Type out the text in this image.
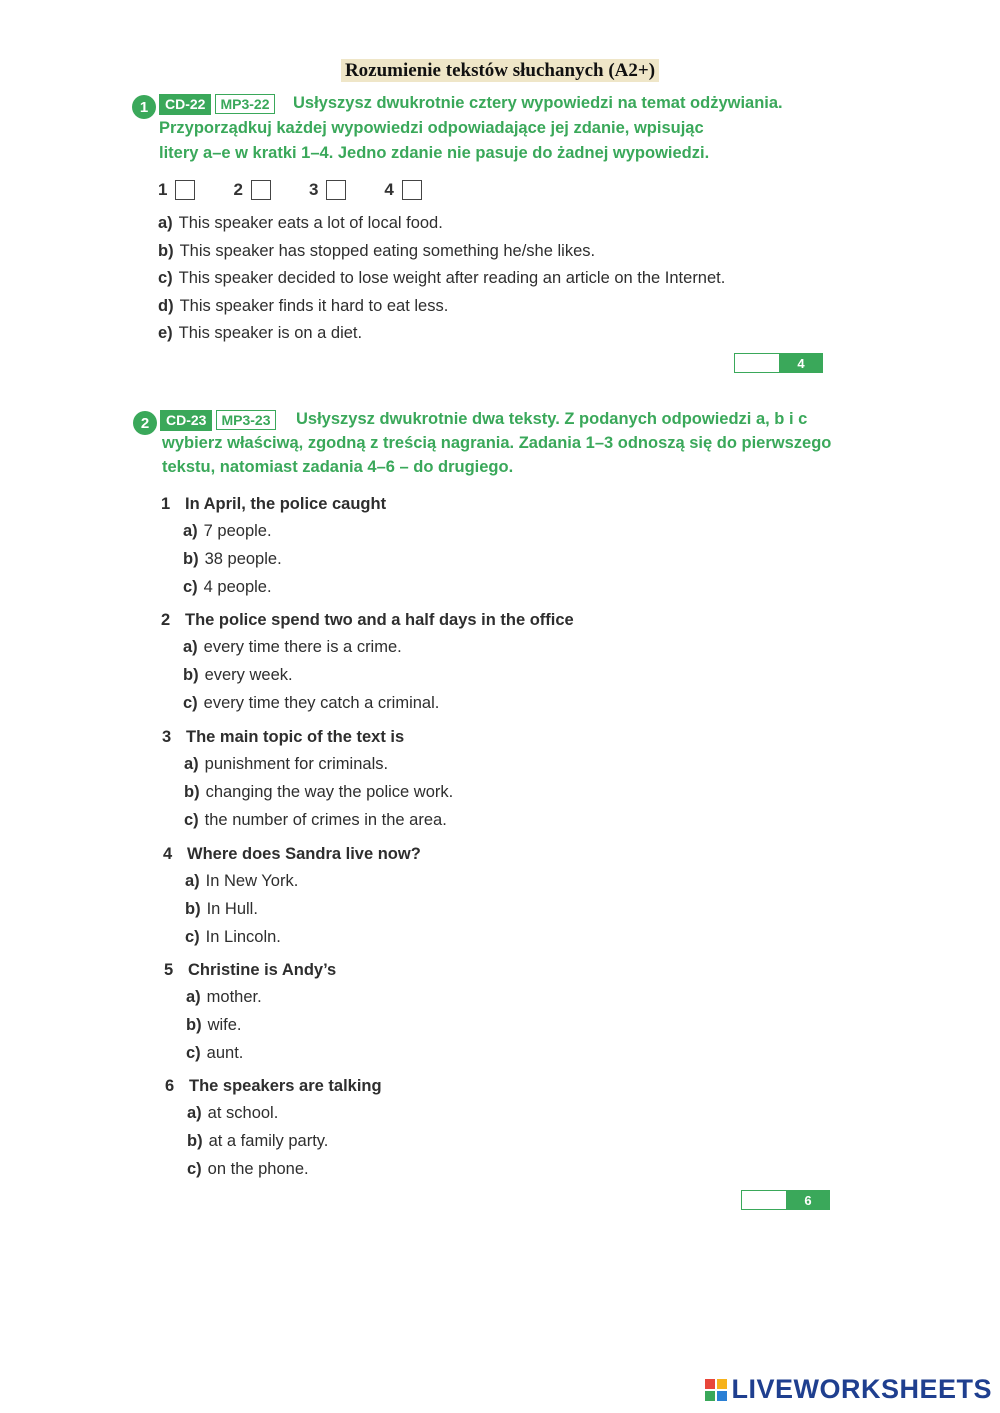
Rozumienie tekstów słuchanych (A2+)
1	CD-22	MP3-22	Usłyszysz dwukrotnie cztery wypowiedzi na temat odżywiania.
Przyporządkuj każdej wypowiedzi odpowiadające jej zdanie, wpisując
litery a–e w kratki 1–4. Jedno zdanie nie pasuje do żadnej wypowiedzi.
1	2	3	4
a) This speaker eats a lot of local food.
b) This speaker has stopped eating something he/she likes.
c) This speaker decided to lose weight after reading an article on the Internet.
d) This speaker finds it hard to eat less.
e) This speaker is on a diet.
4
2	CD-23	MP3-23	Usłyszysz dwukrotnie dwa teksty. Z podanych odpowiedzi a, b i c
wybierz właściwą, zgodną z treścią nagrania. Zadania 1–3 odnoszą się do pierwszego
tekstu, natomiast zadania 4–6 – do drugiego.
1 In April, the police caught
a) 7 people.
b) 38 people.
c) 4 people.
2 The police spend two and a half days in the office
a) every time there is a crime.
b) every week.
c) every time they catch a criminal.
3 The main topic of the text is
a) punishment for criminals.
b) changing the way the police work.
c) the number of crimes in the area.
4 Where does Sandra live now?
a) In New York.
b) In Hull.
c) In Lincoln.
5 Christine is Andy’s
a) mother.
b) wife.
c) aunt.
6 The speakers are talking
a) at school.
b) at a family party.
c) on the phone.
6
LIVEWORKSHEETS
